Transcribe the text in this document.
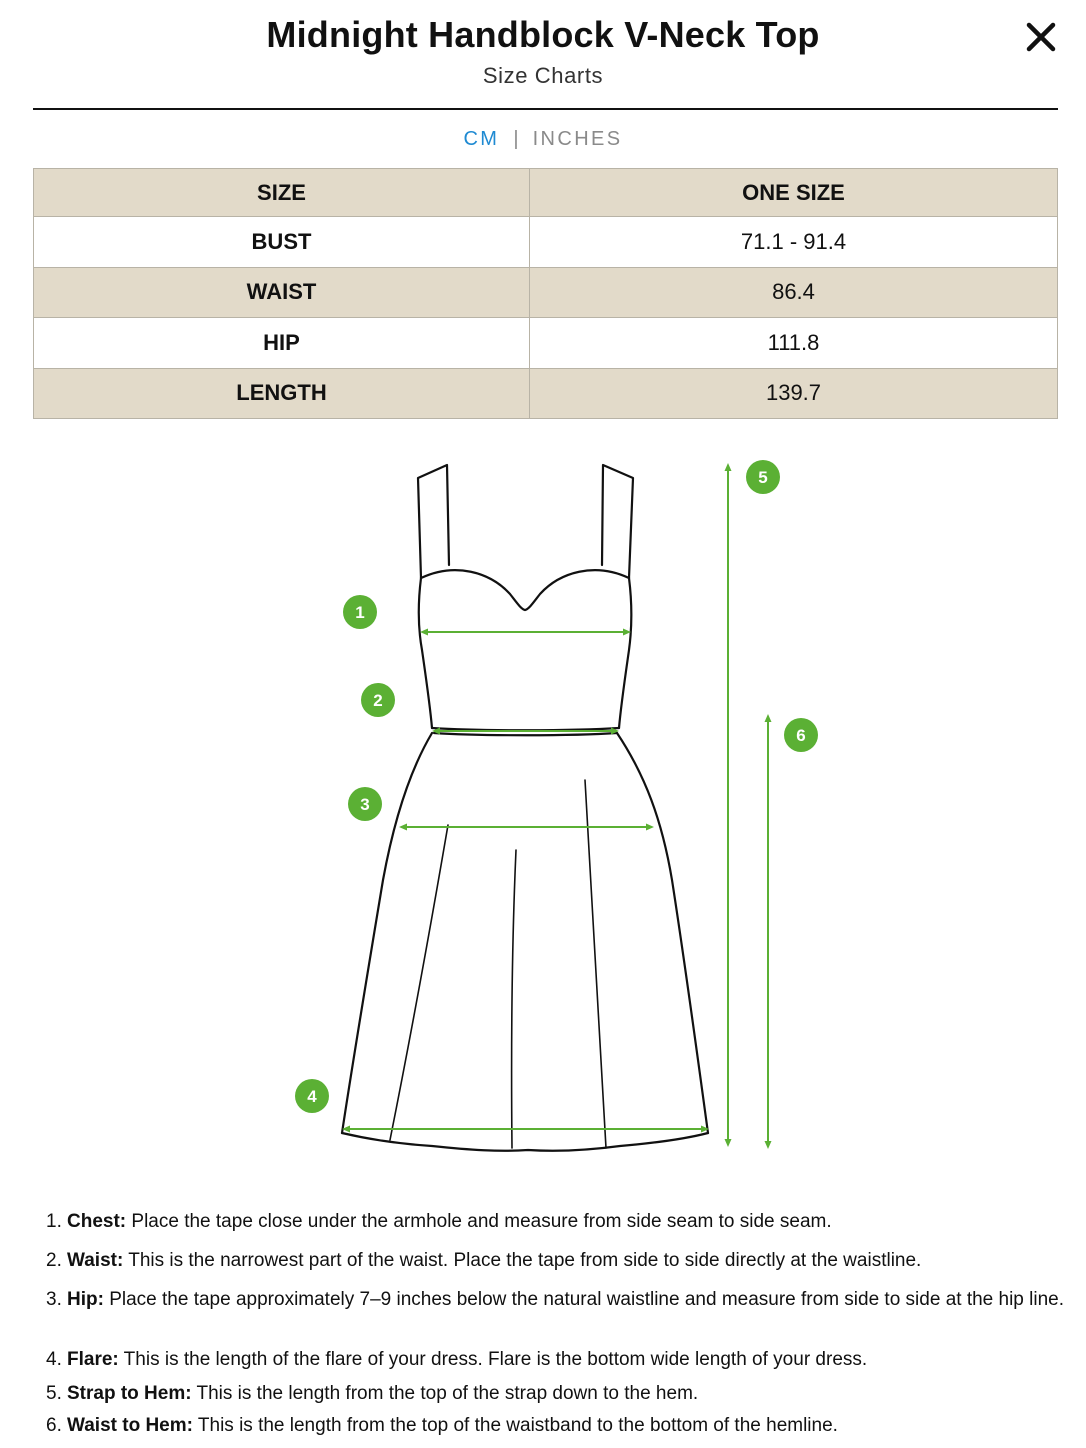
Midnight Handblock V-Neck Top
Size Charts
CM | INCHES
SIZE	ONE SIZE
BUST	71.1 - 91.4
WAIST	86.4
HIP	111.8
LENGTH	139.7
1
2
3
4
5
6
1. Chest: Place the tape close under the armhole and measure from side seam to side seam.
2. Waist: This is the narrowest part of the waist. Place the tape from side to side directly at the waistline.
3. Hip: Place the tape approximately 7–9 inches below the natural waistline and measure from side to side at the hip line.
4. Flare: This is the length of the flare of your dress. Flare is the bottom wide length of your dress.
5. Strap to Hem: This is the length from the top of the strap down to the hem.
6. Waist to Hem: This is the length from the top of the waistband to the bottom of the hemline.
